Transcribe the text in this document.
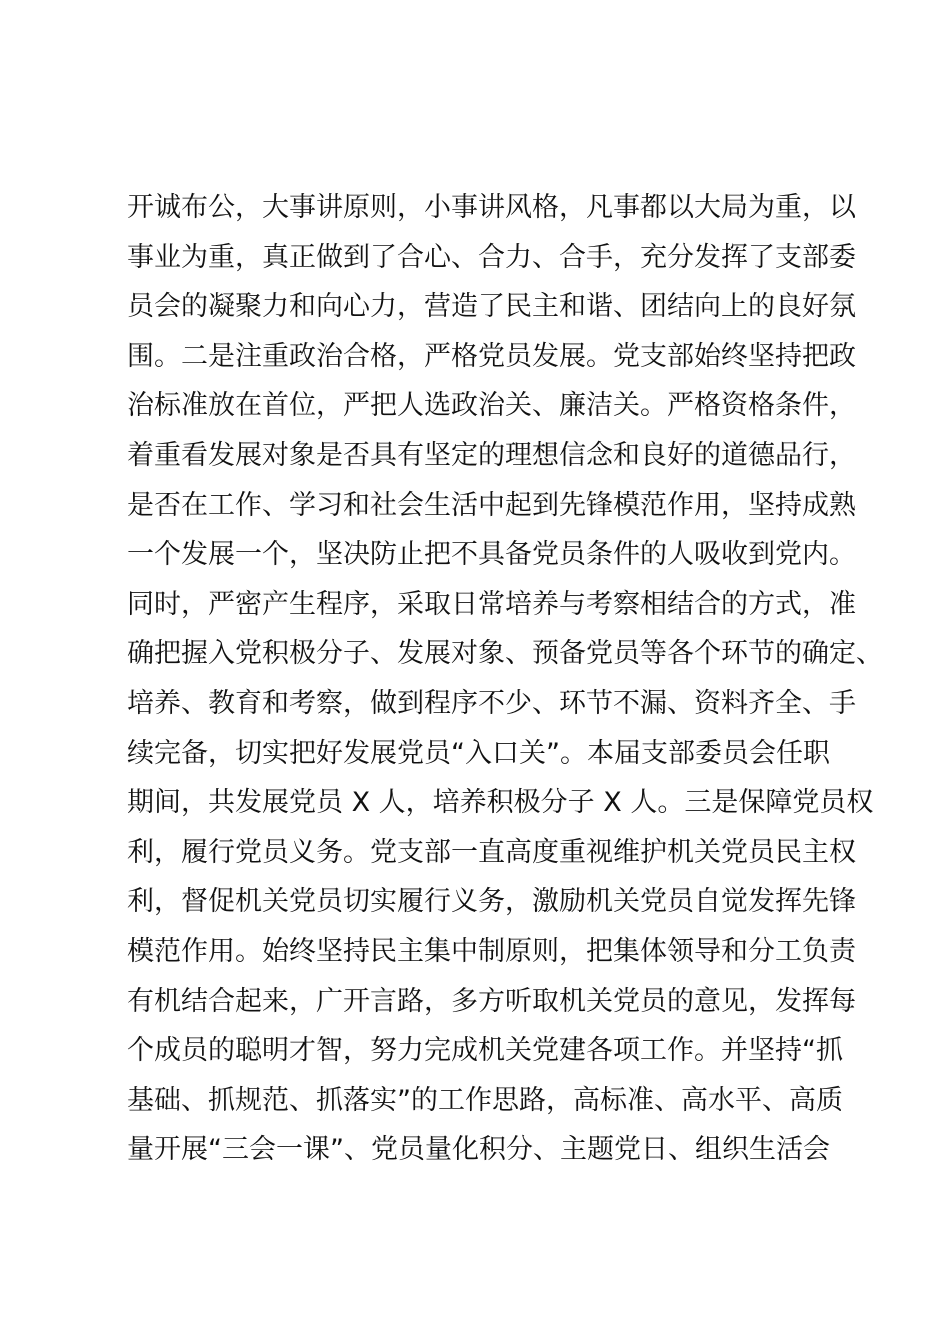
开诚布公，大事讲原则，小事讲风格，凡事都以大局为重，以
事业为重，真正做到了合心、合力、合手，充分发挥了支部委
员会的凝聚力和向心力，营造了民主和谐、团结向上的良好氛
围。二是注重政治合格，严格党员发展。党支部始终坚持把政
治标准放在首位，严把人选政治关、廉洁关。严格资格条件，
着重看发展对象是否具有坚定的理想信念和良好的道德品行，
是否在工作、学习和社会生活中起到先锋模范作用，坚持成熟
一个发展一个，坚决防止把不具备党员条件的人吸收到党内。
同时，严密产生程序，采取日常培养与考察相结合的方式，准
确把握入党积极分子、发展对象、预备党员等各个环节的确定、
培养、教育和考察，做到程序不少、环节不漏、资料齐全、手
续完备，切实把好发展党员“入口关”。本届支部委员会任职
期间，共发展党员 X 人，培养积极分子 X 人。三是保障党员权
利，履行党员义务。党支部一直高度重视维护机关党员民主权
利，督促机关党员切实履行义务，激励机关党员自觉发挥先锋
模范作用。始终坚持民主集中制原则，把集体领导和分工负责
有机结合起来，广开言路，多方听取机关党员的意见，发挥每
个成员的聪明才智，努力完成机关党建各项工作。并坚持“抓
基础、抓规范、抓落实”的工作思路，高标准、高水平、高质
量开展“三会一课”、党员量化积分、主题党日、组织生活会
